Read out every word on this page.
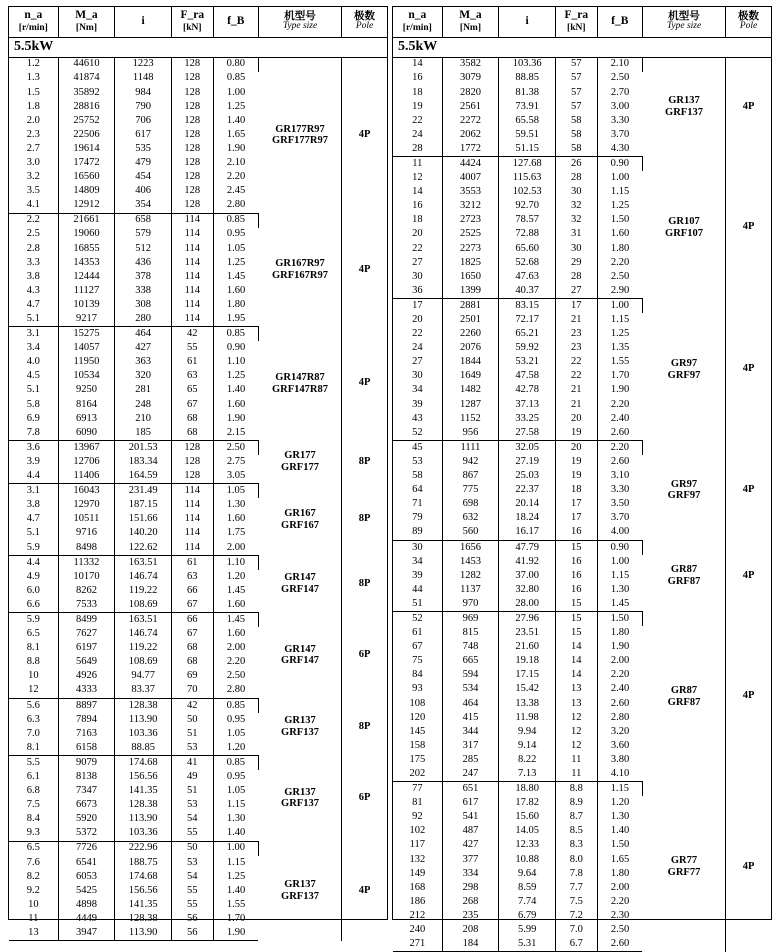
n_a
[r/min]	M_a
[Nm]	i	F_ra
[kN]	f_B	机型号
Type size	极数
Pole

5.5kW						
1.2	44610	1223	128	0.80	GR177R97
GRF177R97	4P
1.3	41874	1148	128	0.85		
1.5	35892	984	128	1.00		
1.8	28816	790	128	1.25		
2.0	25752	706	128	1.40		
2.3	22506	617	128	1.65		
2.7	19614	535	128	1.90		
3.0	17472	479	128	2.10		
3.2	16560	454	128	2.20		
3.5	14809	406	128	2.45		
4.1	12912	354	128	2.80		
2.2	21661	658	114	0.85	GR167R97
GRF167R97	4P
2.5	19060	579	114	0.95		
2.8	16855	512	114	1.05		
3.3	14353	436	114	1.25		
3.8	12444	378	114	1.45		
4.3	11127	338	114	1.60		
4.7	10139	308	114	1.80		
5.1	9217	280	114	1.95		
3.1	15275	464	42	0.85	GR147R87
GRF147R87	4P
3.4	14057	427	55	0.90		
4.0	11950	363	61	1.10		
4.5	10534	320	63	1.25		
5.1	9250	281	65	1.40		
5.8	8164	248	67	1.60		
6.9	6913	210	68	1.90		
7.8	6090	185	68	2.15		
3.6	13967	201.53	128	2.50	GR177
GRF177	8P
3.9	12706	183.34	128	2.75		
4.4	11406	164.59	128	3.05		
3.1	16043	231.49	114	1.05	GR167
GRF167	8P
3.8	12970	187.15	114	1.30		
4.7	10511	151.66	114	1.60		
5.1	9716	140.20	114	1.75		
5.9	8498	122.62	114	2.00		
4.4	11332	163.51	61	1.10	GR147
GRF147	8P
4.9	10170	146.74	63	1.20		
6.0	8262	119.22	66	1.45		
6.6	7533	108.69	67	1.60		
5.9	8499	163.51	66	1.45	GR147
GRF147	6P
6.5	7627	146.74	67	1.60		
8.1	6197	119.22	68	2.00		
8.8	5649	108.69	68	2.20		
10	4926	94.77	69	2.50		
12	4333	83.37	70	2.80		
5.6	8897	128.38	42	0.85	GR137
GRF137	8P
6.3	7894	113.90	50	0.95		
7.0	7163	103.36	51	1.05		
8.1	6158	88.85	53	1.20		
5.5	9079	174.68	41	0.85	GR137
GRF137	6P
6.1	8138	156.56	49	0.95		
6.8	7347	141.35	51	1.05		
7.5	6673	128.38	53	1.15		
8.4	5920	113.90	54	1.30		
9.3	5372	103.36	55	1.40		
6.5	7726	222.96	50	1.00	GR137
GRF137	4P
7.6	6541	188.75	53	1.15		
8.2	6053	174.68	54	1.25		
9.2	5425	156.56	55	1.40		
10	4898	141.35	55	1.55		
11	4449	128.38	56	1.70		
13	3947	113.90	56	1.90		
n_a
[r/min]	M_a
[Nm]	i	F_ra
[kN]	f_B	机型号
Type size	极数
Pole

5.5kW						
14	3582	103.36	57	2.10	GR137
GRF137	4P
16	3079	88.85	57	2.50		
18	2820	81.38	57	2.70		
19	2561	73.91	57	3.00		
22	2272	65.58	58	3.30		
24	2062	59.51	58	3.70		
28	1772	51.15	58	4.30		
11	4424	127.68	26	0.90	GR107
GRF107	4P
12	4007	115.63	28	1.00		
14	3553	102.53	30	1.15		
16	3212	92.70	32	1.25		
18	2723	78.57	32	1.50		
20	2525	72.88	31	1.60		
22	2273	65.60	30	1.80		
27	1825	52.68	29	2.20		
30	1650	47.63	28	2.50		
36	1399	40.37	27	2.90		
17	2881	83.15	17	1.00	GR97
GRF97	4P
20	2501	72.17	21	1.15		
22	2260	65.21	23	1.25		
24	2076	59.92	23	1.35		
27	1844	53.21	22	1.55		
30	1649	47.58	22	1.70		
34	1482	42.78	21	1.90		
39	1287	37.13	21	2.20		
43	1152	33.25	20	2.40		
52	956	27.58	19	2.60		
45	1111	32.05	20	2.20	GR97
GRF97	4P
53	942	27.19	19	2.60		
58	867	25.03	19	3.10		
64	775	22.37	18	3.30		
71	698	20.14	17	3.50		
79	632	18.24	17	3.70		
89	560	16.17	16	4.00		
30	1656	47.79	15	0.90	GR87
GRF87	4P
34	1453	41.92	16	1.00		
39	1282	37.00	16	1.15		
44	1137	32.80	16	1.30		
51	970	28.00	15	1.45		
52	969	27.96	15	1.50	GR87
GRF87	4P
61	815	23.51	15	1.80		
67	748	21.60	14	1.90		
75	665	19.18	14	2.00		
84	594	17.15	14	2.20		
93	534	15.42	13	2.40		
108	464	13.38	13	2.60		
120	415	11.98	12	2.80		
145	344	9.94	12	3.20		
158	317	9.14	12	3.60		
175	285	8.22	11	3.80		
202	247	7.13	11	4.10		
77	651	18.80	8.8	1.15	GR77
GRF77	4P
81	617	17.82	8.9	1.20		
92	541	15.60	8.7	1.30		
102	487	14.05	8.5	1.40		
117	427	12.33	8.3	1.50		
132	377	10.88	8.0	1.65		
149	334	9.64	7.8	1.80		
168	298	8.59	7.7	2.00		
186	268	7.74	7.5	2.20		
212	235	6.79	7.2	2.30		
240	208	5.99	7.0	2.50		
271	184	5.31	6.7	2.60		
